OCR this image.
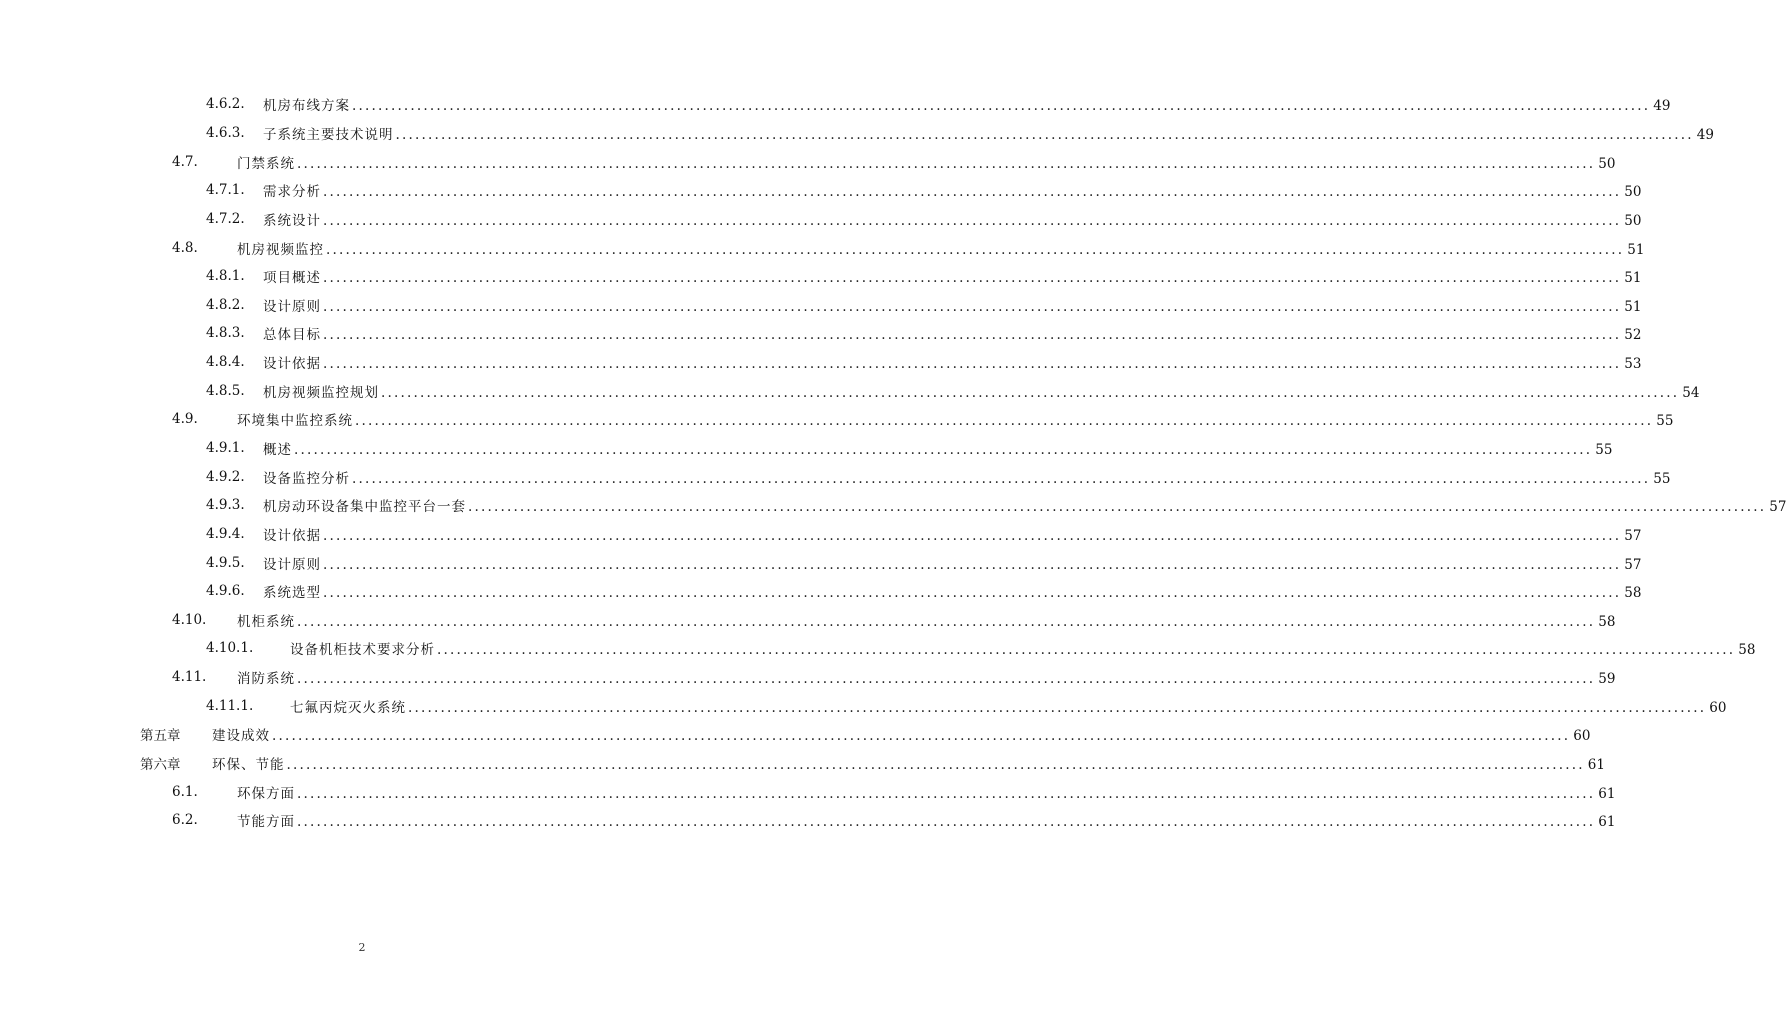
4.6.2. 机房布线方案 ........................................................................................................................................................................................................ 49
4.6.3. 子系统主要技术说明 ........................................................................................................................................................................................................ 49
4.7.	门禁系统 ........................................................................................................................................................................................................ 50
4.7.1. 需求分析 ........................................................................................................................................................................................................ 50
4.7.2. 系统设计 ........................................................................................................................................................................................................ 50
4.8.	机房视频监控 ........................................................................................................................................................................................................ 51
4.8.1. 项目概述 ........................................................................................................................................................................................................ 51
4.8.2. 设计原则 ........................................................................................................................................................................................................ 51
4.8.3. 总体目标 ........................................................................................................................................................................................................ 52
4.8.4. 设计依据 ........................................................................................................................................................................................................ 53
4.8.5. 机房视频监控规划 ........................................................................................................................................................................................................ 54
4.9.	环境集中监控系统 ........................................................................................................................................................................................................ 55
4.9.1. 概述 ........................................................................................................................................................................................................ 55
4.9.2. 设备监控分析 ........................................................................................................................................................................................................ 55
4.9.3. 机房动环设备集中监控平台一套 ........................................................................................................................................................................................................ 57
4.9.4. 设计依据 ........................................................................................................................................................................................................ 57
4.9.5. 设计原则 ........................................................................................................................................................................................................ 57
4.9.6. 系统选型 ........................................................................................................................................................................................................ 58
4.10. 机柜系统 ........................................................................................................................................................................................................ 58
4.10.1.	设备机柜技术要求分析 ........................................................................................................................................................................................................ 58
4.11. 消防系统 ........................................................................................................................................................................................................ 59
4.11.1.	七氟丙烷灭火系统 ........................................................................................................................................................................................................ 60
第五章 建设成效 ........................................................................................................................................................................................................ 60
第六章 环保、节能 ........................................................................................................................................................................................................ 61
6.1.	环保方面 ........................................................................................................................................................................................................ 61
6.2.	节能方面 ........................................................................................................................................................................................................ 61
2
